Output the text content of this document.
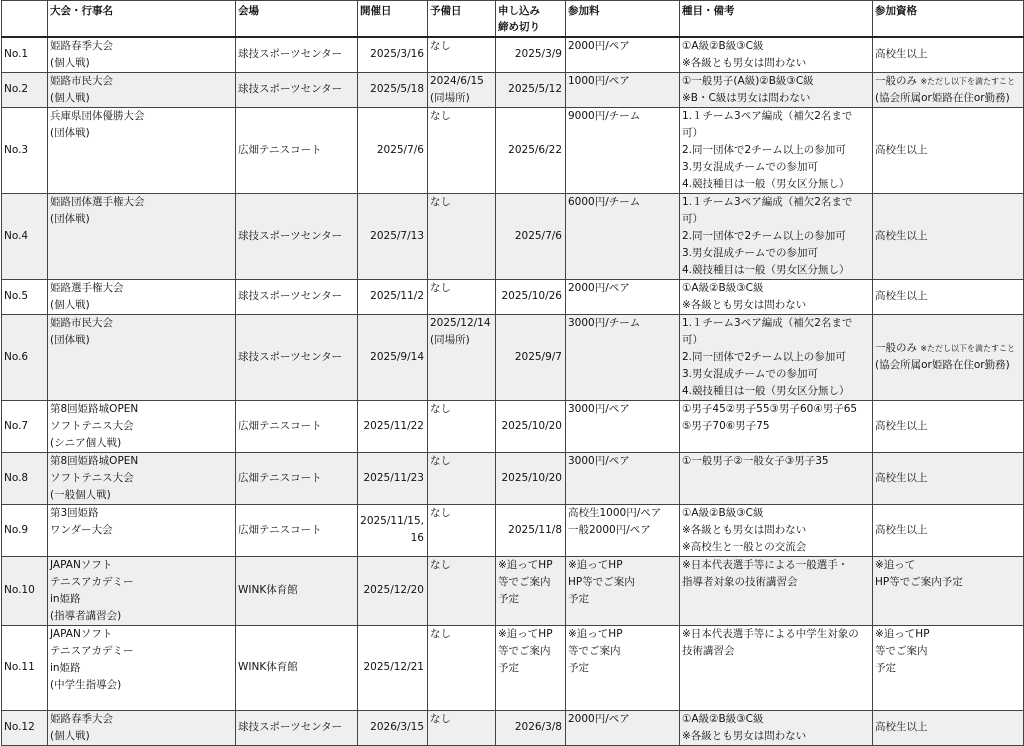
	大会・行事名	会場	開催日	予備日	申し込み
締め切り	参加料	種目・備考	参加資格
No.1	姫路春季大会
(個人戦)	球技スポーツセンター	2025/3/16	なし	2025/3/9	2000円/ペア	①A級②B級③C級
※各級とも男女は問わない	高校生以上
No.2	姫路市民大会
(個人戦)	球技スポーツセンター	2025/5/18	2024/6/15
(同場所)	2025/5/12	1000円/ペア	①一般男子(A級)②B級③C級
※B・C級は男女は問わない	一般のみ ※ただし以下を満たすこと
(協会所属or姫路在住or勤務)

No.3	兵庫県団体優勝大会
(団体戦)	広畑テニスコート	2025/7/6	なし	2025/6/22	9000円/チーム	1.１チーム3ペア編成（補欠2名まで可）
2.同一団体で2チーム以上の参加可
3.男女混成チームでの参加可
4.競技種目は一般（男女区分無し）	高校生以上
No.4	姫路団体選手権大会
(団体戦)	球技スポーツセンター	2025/7/13	なし	2025/7/6	6000円/チーム	1.１チーム3ペア編成（補欠2名まで可）
2.同一団体で2チーム以上の参加可
3.男女混成チームでの参加可
4.競技種目は一般（男女区分無し）	高校生以上
No.5	姫路選手権大会
(個人戦)	球技スポーツセンター	2025/11/2	なし	2025/10/26	2000円/ペア	①A級②B級③C級
※各級とも男女は問わない	高校生以上
No.6	姫路市民大会
(団体戦)	球技スポーツセンター	2025/9/14	2025/12/14
(同場所)	2025/9/7	3000円/チーム	1.１チーム3ペア編成（補欠2名まで可）
2.同一団体で2チーム以上の参加可
3.男女混成チームでの参加可
4.競技種目は一般（男女区分無し）	一般のみ ※ただし以下を満たすこと
(協会所属or姫路在住or勤務)

No.7	第8回姫路城OPEN
ソフトテニス大会
(シニア個人戦)	広畑テニスコート	2025/11/22	なし	2025/10/20	3000円/ペア	①男子45②男子55③男子60④男子65
⑤男子70⑥男子75	高校生以上
No.8	第8回姫路城OPEN
ソフトテニス大会
(一般個人戦)	広畑テニスコート	2025/11/23	なし	2025/10/20	3000円/ペア	①一般男子②一般女子③男子35	高校生以上
No.9	第3回姫路
ワンダー大会	広畑テニスコート	2025/11/15,
16	なし	2025/11/8	高校生1000円/ペア
一般2000円/ペア	①A級②B級③C級
※各級とも男女は問わない
※高校生と一般との交流会	高校生以上
No.10	JAPANソフト
テニスアカデミー
in姫路
(指導者講習会)	WINK体育館	2025/12/20	なし	※追ってHP
等でご案内
予定	※追ってHP
HP等でご案内
予定	※日本代表選手等による一般選手・
指導者対象の技術講習会	※追って
HP等でご案内予定
No.11	JAPANソフト
テニスアカデミー
in姫路
(中学生指導会)	WINK体育館	2025/12/21	なし	※追ってHP
等でご案内
予定	※追ってHP
等でご案内
予定	※日本代表選手等による中学生対象の
技術講習会	※追ってHP
等でご案内
予定
No.12	姫路春季大会
(個人戦)	球技スポーツセンター	2026/3/15	なし	2026/3/8	2000円/ペア	①A級②B級③C級
※各級とも男女は問わない	高校生以上
